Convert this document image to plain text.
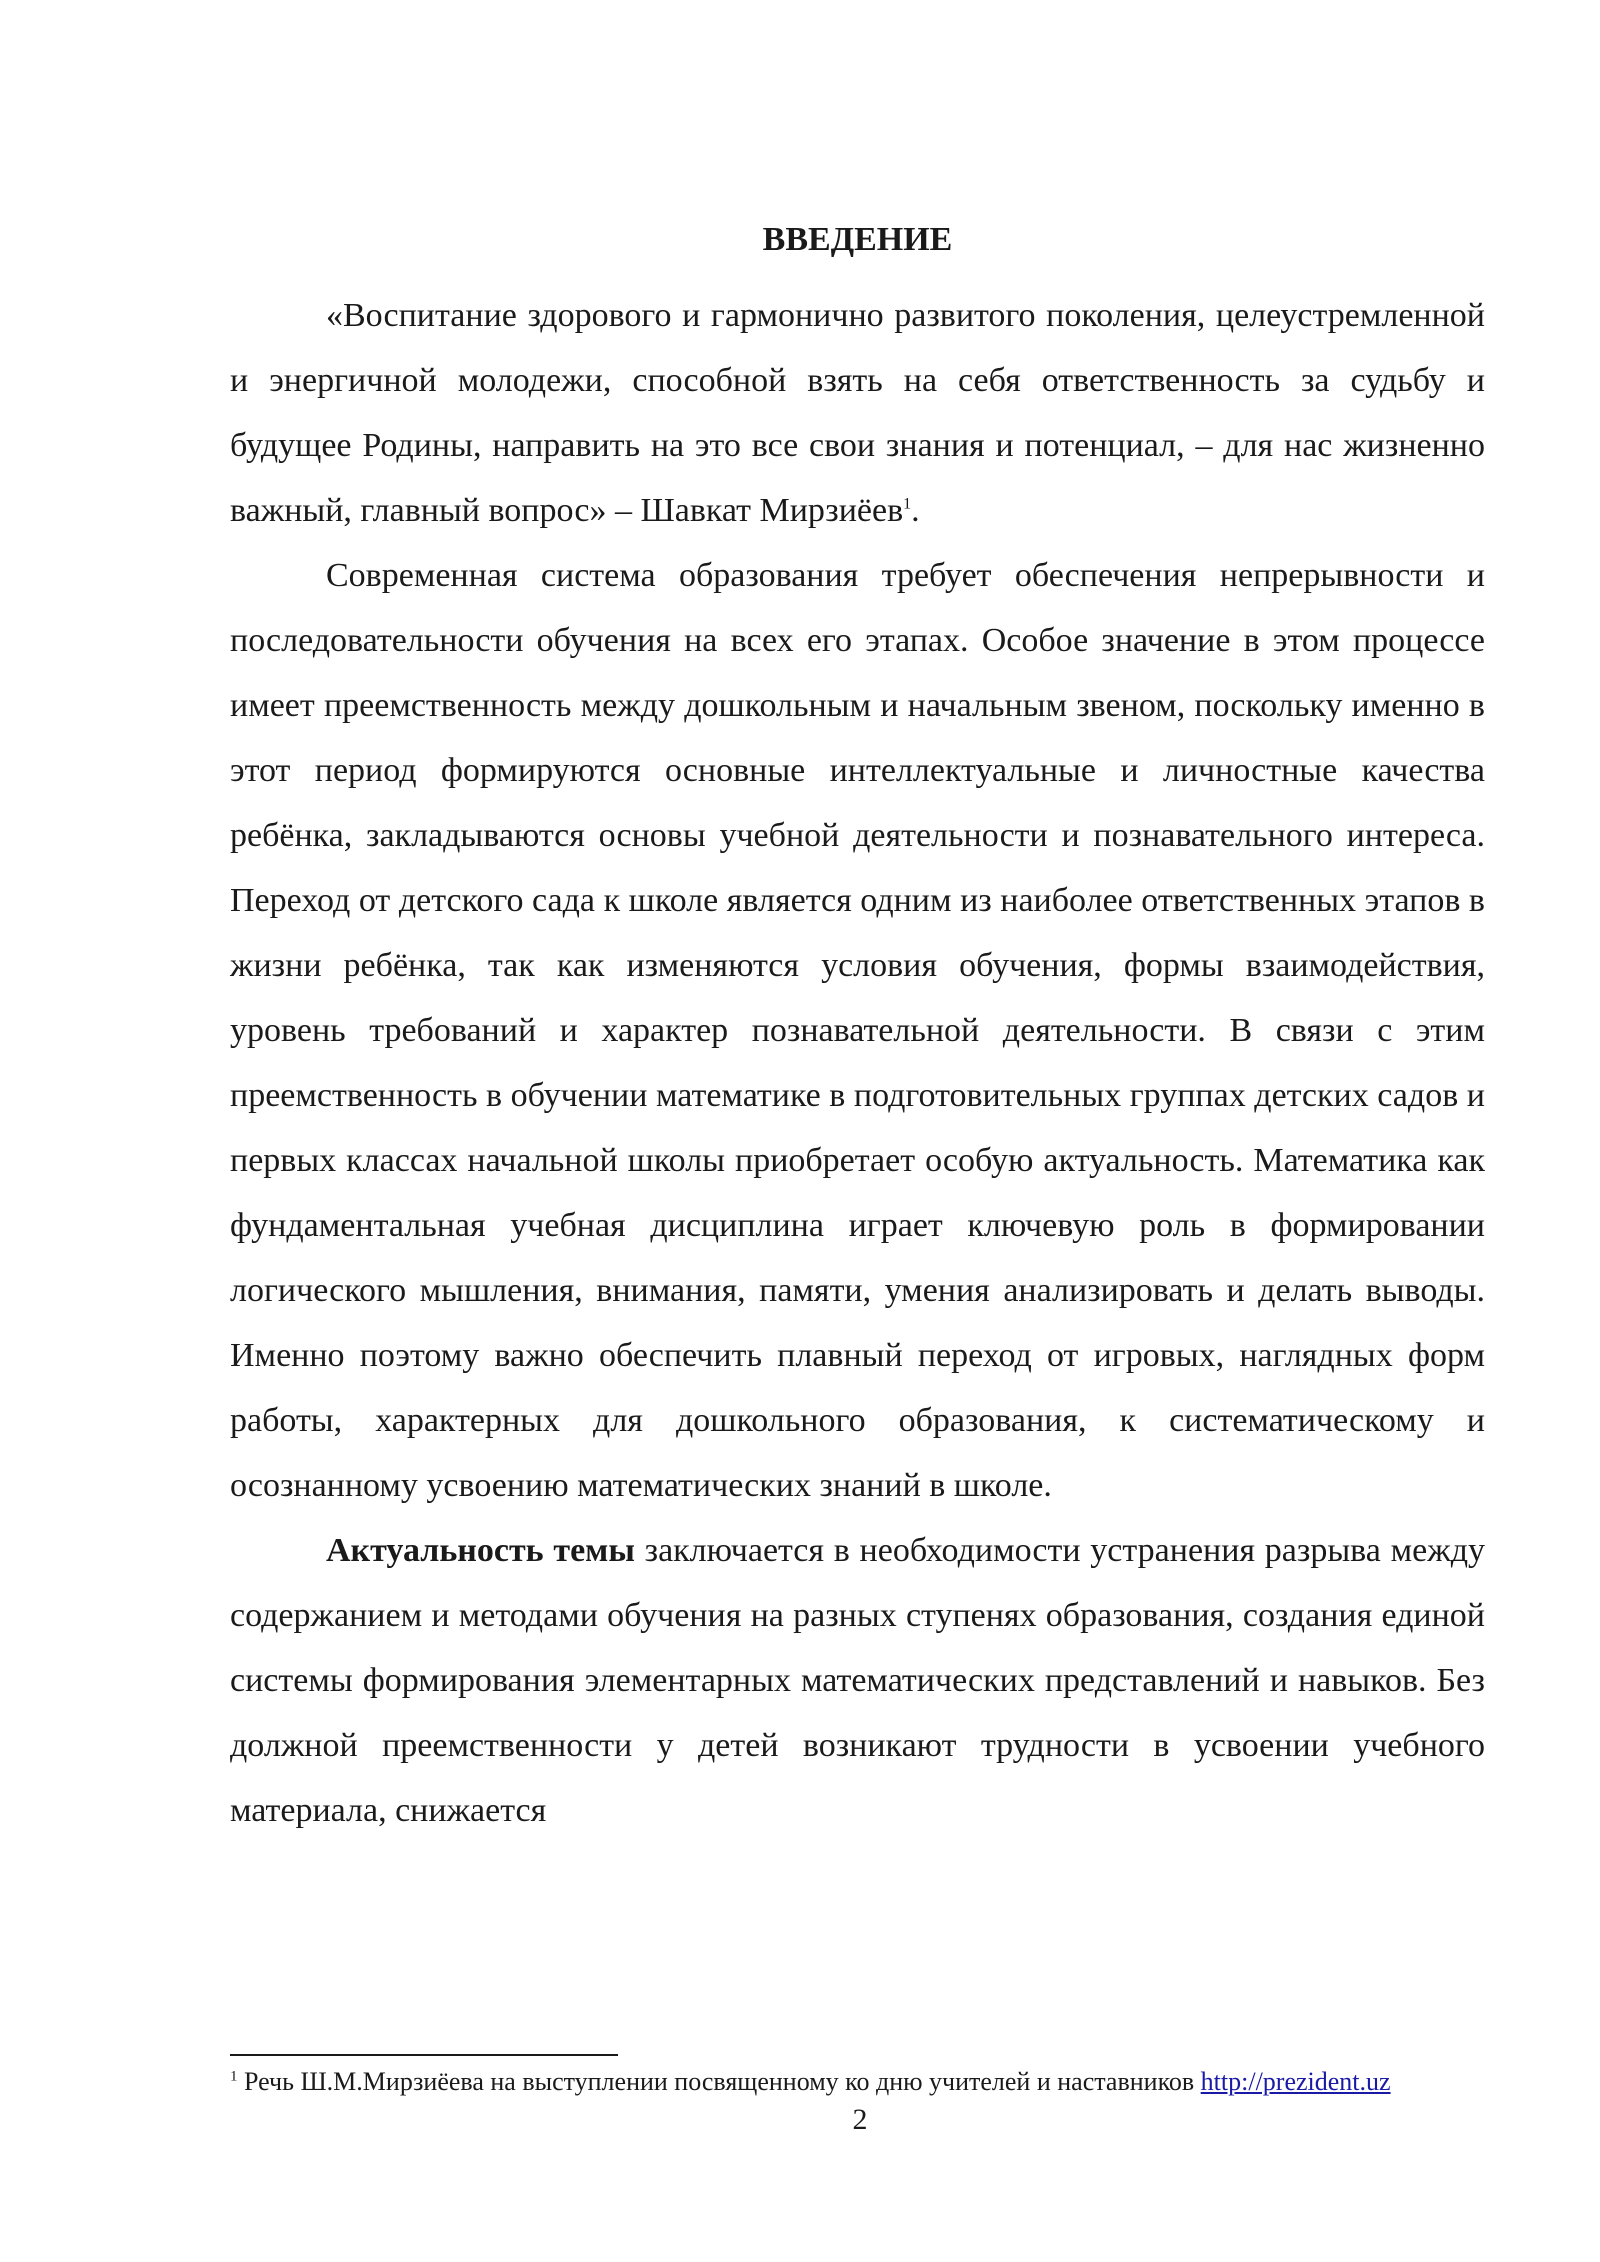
ВВЕДЕНИЕ

«Воспитание здорового и гармонично развитого поколения, целеустремленной и энергичной молодежи, способной взять на себя ответственность за судьбу и будущее Родины, направить на это все свои знания и потенциал, – для нас жизненно важный, главный вопрос» – Шавкат Мирзиёев$^1$.

Современная система образования требует обеспечения непрерывности и последовательности обучения на всех его этапах. Особое значение в этом процессе имеет преемственность между дошкольным и начальным звеном, поскольку именно в этот период формируются основные интеллектуальные и личностные качества ребёнка, закладываются основы учебной деятельности и познавательного интереса. Переход от детского сада к школе является одним из наиболее ответственных этапов в жизни ребёнка, так как изменяются условия обучения, формы взаимодействия, уровень требований и характер познавательной деятельности. В связи с этим преемственность в обучении математике в подготовительных группах детских садов и первых классах начальной школы приобретает особую актуальность. Математика как фундаментальная учебная дисциплина играет ключевую роль в формировании логического мышления, внимания, памяти, умения анализировать и делать выводы. Именно поэтому важно обеспечить плавный переход от игровых, наглядных форм работы, характерных для дошкольного образования, к систематическому и осознанному усвоению математических знаний в школе.

Актуальность темы заключается в необходимости устранения разрыва между содержанием и методами обучения на разных ступенях образования, создания единой системы формирования элементарных математических представлений и навыков. Без должной преемственности у детей возникают трудности в усвоении учебного материала, снижается

$^1$ Речь Ш.М.Мирзиёева на выступлении посвященному ко дню учителей и наставников http://prezident.uz

2
